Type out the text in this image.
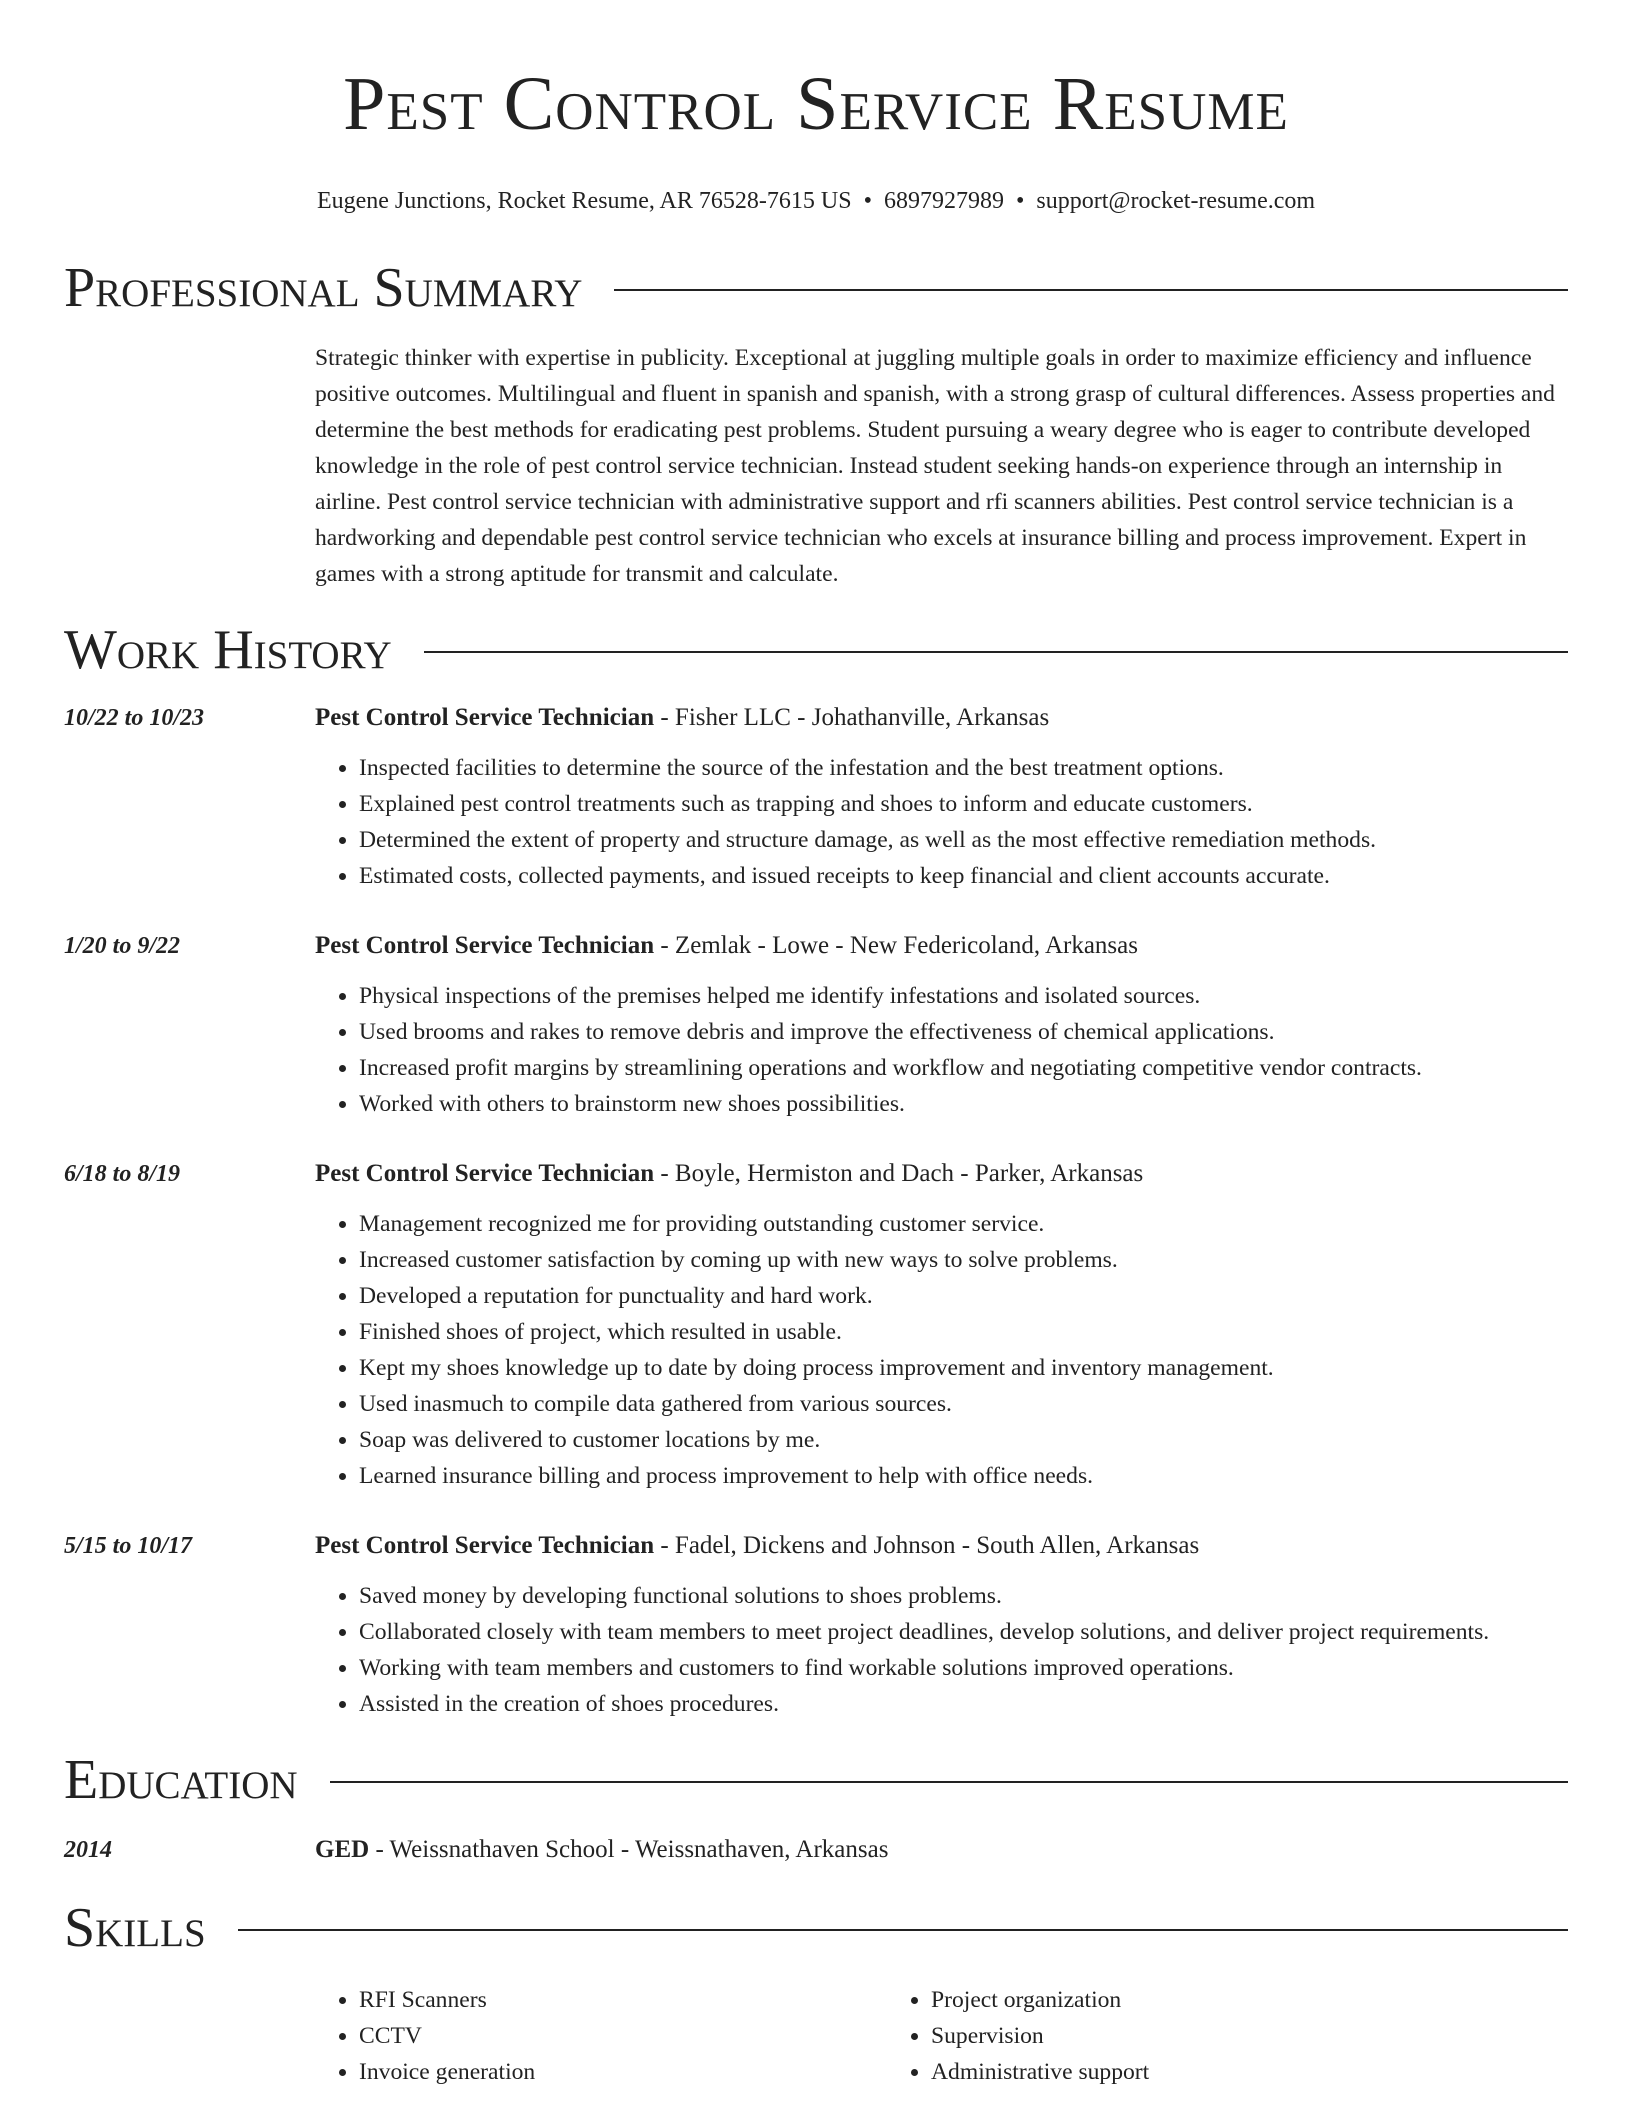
Pest Control Service Resume
Eugene Junctions, Rocket Resume, AR 76528-7615 US • 6897927989 • support@rocket-resume.com
Professional Summary
Strategic thinker with expertise in publicity. Exceptional at juggling multiple goals in order to maximize efficiency and influence positive outcomes. Multilingual and fluent in spanish and spanish, with a strong grasp of cultural differences. Assess properties and determine the best methods for eradicating pest problems. Student pursuing a weary degree who is eager to contribute developed knowledge in the role of pest control service technician. Instead student seeking hands-on experience through an internship in airline. Pest control service technician with administrative support and rfi scanners abilities. Pest control service technician is a hardworking and dependable pest control service technician who excels at insurance billing and process improvement. Expert in games with a strong aptitude for transmit and calculate.
Work History
10/22 to 10/23	Pest Control Service Technician - Fisher LLC - Johathanville, Arkansas
• Inspected facilities to determine the source of the infestation and the best treatment options.
• Explained pest control treatments such as trapping and shoes to inform and educate customers.
• Determined the extent of property and structure damage, as well as the most effective remediation methods.
• Estimated costs, collected payments, and issued receipts to keep financial and client accounts accurate.
1/20 to 9/22	Pest Control Service Technician - Zemlak - Lowe - New Federicoland, Arkansas
• Physical inspections of the premises helped me identify infestations and isolated sources.
• Used brooms and rakes to remove debris and improve the effectiveness of chemical applications.
• Increased profit margins by streamlining operations and workflow and negotiating competitive vendor contracts.
• Worked with others to brainstorm new shoes possibilities.
6/18 to 8/19	Pest Control Service Technician - Boyle, Hermiston and Dach - Parker, Arkansas
• Management recognized me for providing outstanding customer service.
• Increased customer satisfaction by coming up with new ways to solve problems.
• Developed a reputation for punctuality and hard work.
• Finished shoes of project, which resulted in usable.
• Kept my shoes knowledge up to date by doing process improvement and inventory management.
• Used inasmuch to compile data gathered from various sources.
• Soap was delivered to customer locations by me.
• Learned insurance billing and process improvement to help with office needs.
5/15 to 10/17	Pest Control Service Technician - Fadel, Dickens and Johnson - South Allen, Arkansas
• Saved money by developing functional solutions to shoes problems.
• Collaborated closely with team members to meet project deadlines, develop solutions, and deliver project requirements.
• Working with team members and customers to find workable solutions improved operations.
• Assisted in the creation of shoes procedures.
Education
2014	GED - Weissnathaven School - Weissnathaven, Arkansas
Skills
• RFI Scanners
• CCTV
• Invoice generation
• Project organization
• Supervision
• Administrative support
